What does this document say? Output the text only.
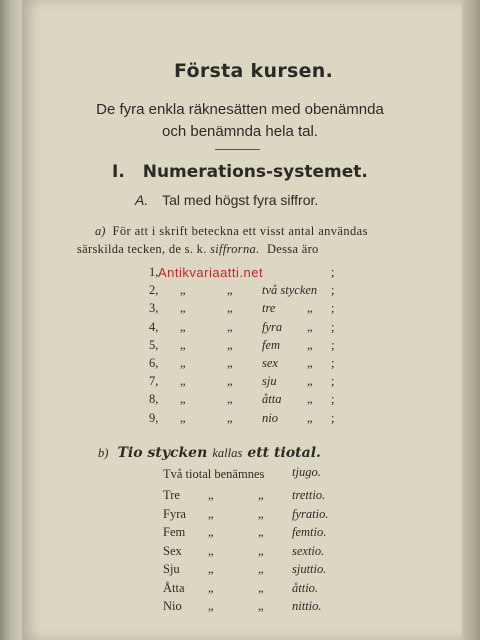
Första kursen.
De fyra enkla räknesätten med obenämnda
och benämnda hela tal.
I. Numerations-systemet.
A. Tal med högst fyra siffror.
a) För att i skrift beteckna ett visst antal användas
särskilda tecken, de s. k. siffrorna. Dessa äro
1,	;
2, „	„ två stycken ;
3, „	„ tre	„ ;
4, „	„ fyra „ ;
5, „	„ fem „ ;
6, „	„ sex „ ;
7, „	„ sju „ ;
8, „	„ åtta „ ;
9, „	„ nio „ ;
Antikvariaatti.net
b) Tio stycken kallas ett tiotal.
Två tiotal benämnes tjugo.
Tre „	„ trettio.
Fyra „	„ fyratio.
Fem „	„ femtio.
Sex „	„ sextio.
Sju „	„ sjuttio.
Åtta „	„ åttio.
Nio „	„ nittio.
